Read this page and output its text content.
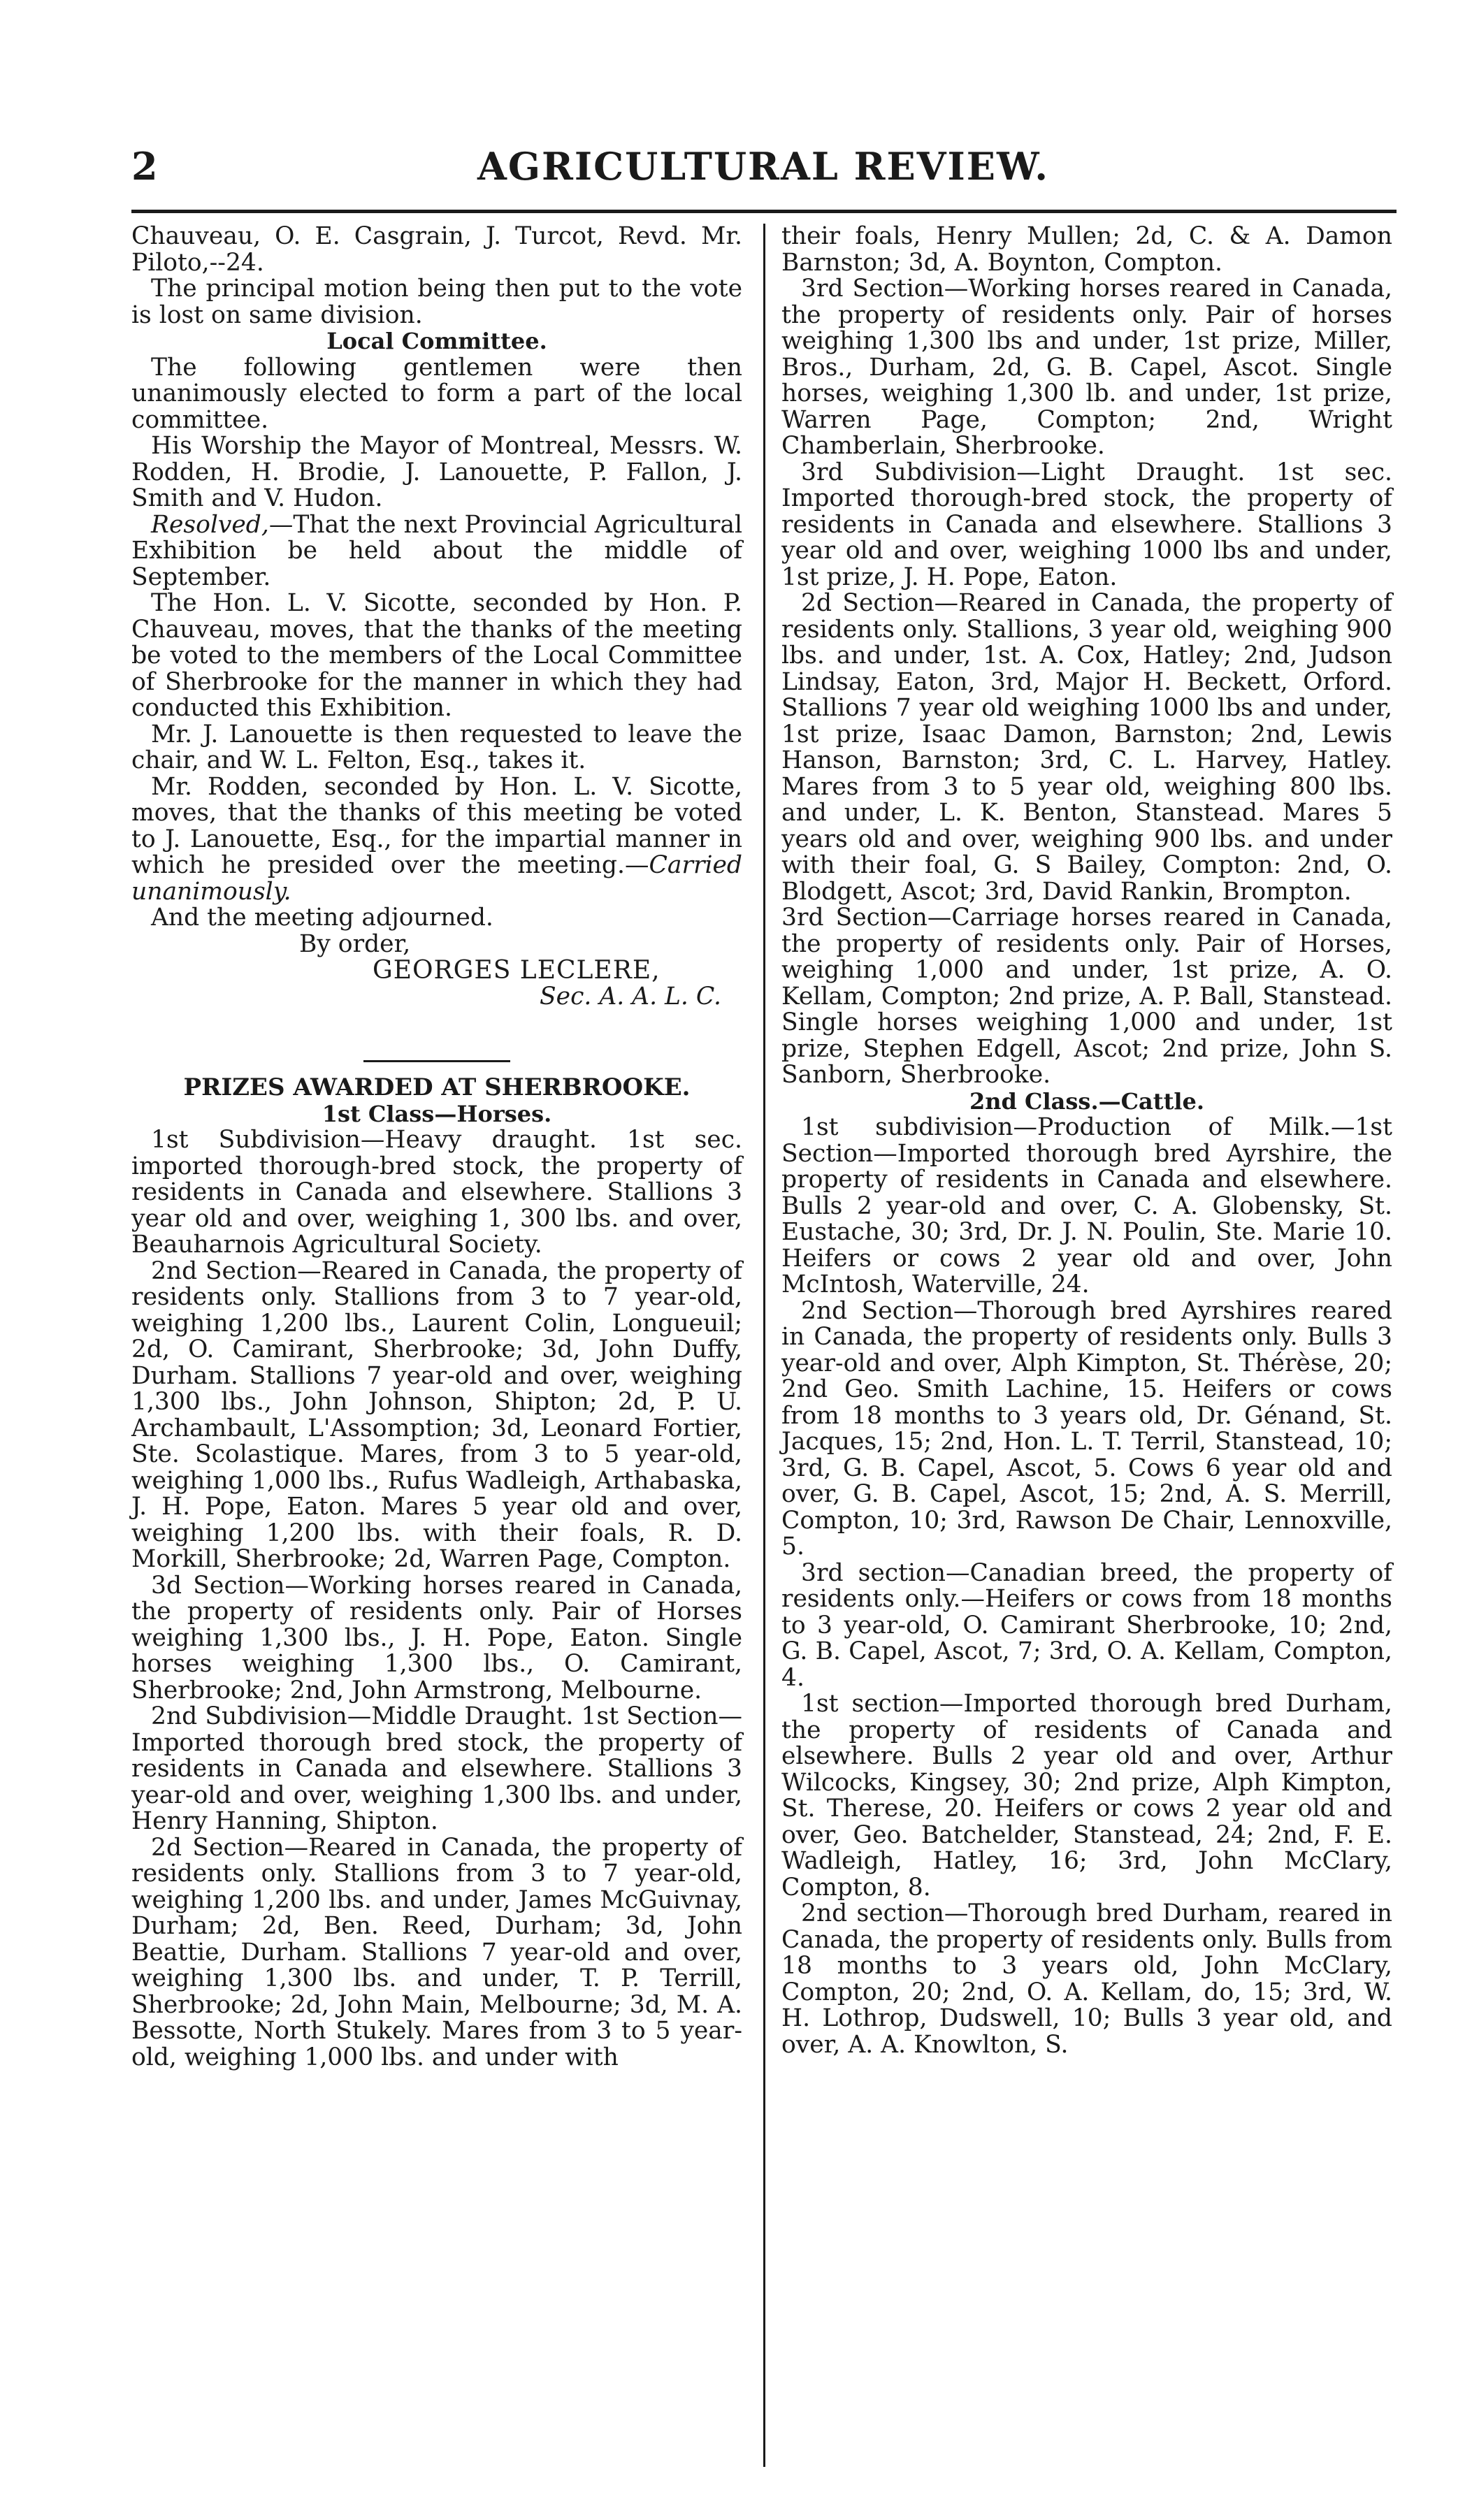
2	AGRICULTURAL REVIEW.

Chauveau, O. E. Casgrain, J. Turcot, Revd. Mr. Piloto,--24.

The principal motion being then put to the vote is lost on same division.

Local Committee.

The following gentlemen were then unanimously elected to form a part of the local committee.

His Worship the Mayor of Montreal, Messrs. W. Rodden, H. Brodie, J. Lanouette, P. Fallon, J. Smith and V. Hudon.

Resolved,—That the next Provincial Agricultural Exhibition be held about the middle of September.

The Hon. L. V. Sicotte, seconded by Hon. P. Chauveau, moves, that the thanks of the meeting be voted to the members of the Local Committee of Sherbrooke for the manner in which they had conducted this Exhibition.

Mr. J. Lanouette is then requested to leave the chair, and W. L. Felton, Esq., takes it.

Mr. Rodden, seconded by Hon. L. V. Sicotte, moves, that the thanks of this meeting be voted to J. Lanouette, Esq., for the impartial manner in which he presided over the meeting.—Carried unanimously.

And the meeting adjourned.

By order,

GEORGES LECLERE,

Sec. A. A. L. C.

PRIZES AWARDED AT SHERBROOKE.

1st Class—Horses.

1st Subdivision—Heavy draught. 1st sec. imported thorough-bred stock, the property of residents in Canada and elsewhere. Stallions 3 year old and over, weighing 1, 300 lbs. and over, Beauharnois Agricultural Society.

2nd Section—Reared in Canada, the property of residents only. Stallions from 3 to 7 year-old, weighing 1,200 lbs., Laurent Colin, Longueuil; 2d, O. Camirant, Sherbrooke; 3d, John Duffy, Durham. Stallions 7 year-old and over, weighing 1,300 lbs., John Johnson, Shipton; 2d, P. U. Archambault, L'Assomption; 3d, Leonard Fortier, Ste. Scolastique. Mares, from 3 to 5 year-old, weighing 1,000 lbs., Rufus Wadleigh, Arthabaska, J. H. Pope, Eaton. Mares 5 year old and over, weighing 1,200 lbs. with their foals, R. D. Morkill, Sherbrooke; 2d, Warren Page, Compton.

3d Section—Working horses reared in Canada, the property of residents only. Pair of Horses weighing 1,300 lbs., J. H. Pope, Eaton. Single horses weighing 1,300 lbs., O. Camirant, Sherbrooke; 2nd, John Armstrong, Melbourne.

2nd Subdivision—Middle Draught. 1st Section—Imported thorough bred stock, the property of residents in Canada and elsewhere. Stallions 3 year-old and over, weighing 1,300 lbs. and under, Henry Hanning, Shipton.

2d Section—Reared in Canada, the property of residents only. Stallions from 3 to 7 year-old, weighing 1,200 lbs. and under, James McGuivnay, Durham; 2d, Ben. Reed, Durham; 3d, John Beattie, Durham. Stallions 7 year-old and over, weighing 1,300 lbs. and under, T. P. Terrill, Sherbrooke; 2d, John Main, Melbourne; 3d, M. A. Bessotte, North Stukely. Mares from 3 to 5 year-old, weighing 1,000 lbs. and under with

their foals, Henry Mullen; 2d, C. & A. Damon Barnston; 3d, A. Boynton, Compton.

3rd Section—Working horses reared in Canada, the property of residents only. Pair of horses weighing 1,300 lbs and under, 1st prize, Miller, Bros., Durham, 2d, G. B. Capel, Ascot. Single horses, weighing 1,300 lb. and under, 1st prize, Warren Page, Compton; 2nd, Wright Chamberlain, Sherbrooke.

3rd Subdivision—Light Draught. 1st sec. Imported thorough-bred stock, the property of residents in Canada and elsewhere. Stallions 3 year old and over, weighing 1000 lbs and under, 1st prize, J. H. Pope, Eaton.

2d Section—Reared in Canada, the property of residents only. Stallions, 3 year old, weighing 900 lbs. and under, 1st. A. Cox, Hatley; 2nd, Judson Lindsay, Eaton, 3rd, Major H. Beckett, Orford. Stallions 7 year old weighing 1000 lbs and under, 1st prize, Isaac Damon, Barnston; 2nd, Lewis Hanson, Barnston; 3rd, C. L. Harvey, Hatley. Mares from 3 to 5 year old, weighing 800 lbs. and under, L. K. Benton, Stanstead. Mares 5 years old and over, weighing 900 lbs. and under with their foal, G. S Bailey, Compton: 2nd, O. Blodgett, Ascot; 3rd, David Rankin, Brompton.

3rd Section—Carriage horses reared in Canada, the property of residents only. Pair of Horses, weighing 1,000 and under, 1st prize, A. O. Kellam, Compton; 2nd prize, A. P. Ball, Stanstead. Single horses weighing 1,000 and under, 1st prize, Stephen Edgell, Ascot; 2nd prize, John S. Sanborn, Sherbrooke.

2nd Class.—Cattle.

1st subdivision—Production of Milk.—1st Section—Imported thorough bred Ayrshire, the property of residents in Canada and elsewhere. Bulls 2 year-old and over, C. A. Globensky, St. Eustache, 30; 3rd, Dr. J. N. Poulin, Ste. Marie 10. Heifers or cows 2 year old and over, John McIntosh, Waterville, 24.

2nd Section—Thorough bred Ayrshires reared in Canada, the property of residents only. Bulls 3 year-old and over, Alph Kimpton, St. Thérèse, 20; 2nd Geo. Smith Lachine, 15. Heifers or cows from 18 months to 3 years old, Dr. Génand, St. Jacques, 15; 2nd, Hon. L. T. Terril, Stanstead, 10; 3rd, G. B. Capel, Ascot, 5. Cows 6 year old and over, G. B. Capel, Ascot, 15; 2nd, A. S. Merrill, Compton, 10; 3rd, Rawson De Chair, Lennoxville, 5.

3rd section—Canadian breed, the property of residents only.—Heifers or cows from 18 months to 3 year-old, O. Camirant Sherbrooke, 10; 2nd, G. B. Capel, Ascot, 7; 3rd, O. A. Kellam, Compton, 4.

1st section—Imported thorough bred Durham, the property of residents of Canada and elsewhere. Bulls 2 year old and over, Arthur Wilcocks, Kingsey, 30; 2nd prize, Alph Kimpton, St. Therese, 20. Heifers or cows 2 year old and over, Geo. Batchelder, Stanstead, 24; 2nd, F. E. Wadleigh, Hatley, 16; 3rd, John McClary, Compton, 8.

2nd section—Thorough bred Durham, reared in Canada, the property of residents only. Bulls from 18 months to 3 years old, John McClary, Compton, 20; 2nd, O. A. Kellam, do, 15; 3rd, W. H. Lothrop, Dudswell, 10; Bulls 3 year old, and over, A. A. Knowlton, S.
